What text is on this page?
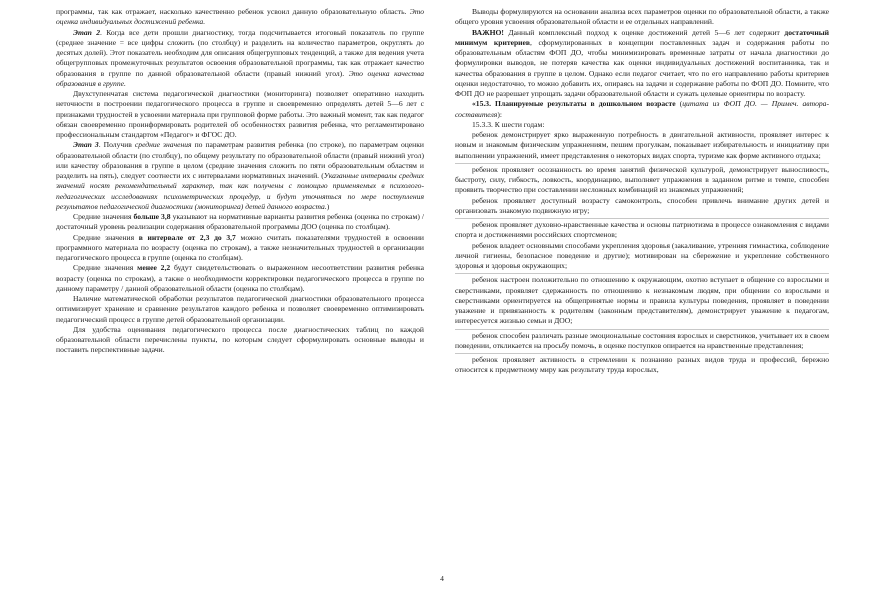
программы, так как отражает, насколько качественно ребенок усвоил данную образовательную область. Это оценка индивидуальных достижений ребенка.

Этап 2. Когда все дети прошли диагностику, тогда подсчитывается итоговый показатель по группе (среднее значение = все цифры сложить (по столбцу) и разделить на количество параметров, округлять до десятых долей). Этот показатель необходим для описания общегрупповых тенденций, а также для ведения учета общегрупповых промежуточных результатов освоения образовательной программы, так как отражает качество образования в группе по данной образовательной области (правый нижний угол). Это оценка качества образования в группе.

Двухступенчатая система педагогической диагностики (мониторинга) позволяет оперативно находить неточности в построении педагогического процесса в группе и своевременно определять детей 5—6 лет с признаками трудностей в усвоении материала при групповой форме работы. Это важный момент, так как педагог обязан своевременно проинформировать родителей об особенностях развития ребенка, что регламентировано профессиональным стандартом «Педагог» и ФГОС ДО.

Этап 3. Получив средние значения по параметрам развития ребенка (по строке), по параметрам оценки образовательной области (по столбцу), по общему результату по образовательной области (правый нижний угол) или качеству образования в группе в целом (средние значения сложить по пяти образовательным областям и разделить на пять), следует соотнести их с интервалами нормативных значений. (Указанные интервалы средних значений носят рекомендательный характер, так как получены с помощью применяемых в психолого-педагогических исследованиях психометрических процедур, и будут уточняться по мере поступления результатов педагогической диагностики (мониторинга) детей данного возраста.)

Средние значения больше 3,8 указывают на нормативные варианты развития ребенка (оценка по строкам) / достаточный уровень реализации содержания образовательной программы ДОО (оценка по столбцам).

Средние значения в интервале от 2,3 до 3,7 можно считать показателями трудностей в освоении программного материала по возрасту (оценка по строкам), а также незначительных трудностей в организации педагогического процесса в группе (оценка по столбцам).

Средние значения менее 2,2 будут свидетельствовать о выраженном несоответствии развития ребенка возрасту (оценка по строкам), а также о необходимости корректировки педагогического процесса в группе по данному параметру / данной образовательной области (оценка по столбцам).

Наличие математической обработки результатов педагогической диагностики образовательного процесса оптимизирует хранение и сравнение результатов каждого ребенка и позволяет своевременно оптимизировать педагогический процесс в группе детей образовательной организации.

Для удобства оценивания педагогического процесса после диагностических таблиц по каждой образовательной области перечислены пункты, по которым следует сформулировать основные выводы и поставить перспективные задачи.

Выводы формулируются на основании анализа всех параметров оценки по образовательной области, а также общего уровня усвоения образовательной области и ее отдельных направлений.

ВАЖНО! Данный комплексный подход к оценке достижений детей 5—6 лет содержит достаточный минимум критериев, сформулированных в концепции поставленных задач и содержания работы по образовательным областям ФОП ДО, чтобы минимизировать временные затраты от начала диагностики до формулировки выводов, не потеряв качества как оценки индивидуальных достижений воспитанника, так и качества образования в группе в целом. Однако если педагог считает, что по его направлению работы критериев оценки недостаточно, то можно добавить их, опираясь на задачи и содержание работы по ФОП ДО. Помните, что ФОП ДО не разрешает упрощать задачи образовательной области и сужать целевые ориентиры по возрасту.

«15.3. Планируемые результаты в дошкольном возрасте (цитата из ФОП ДО. — Примеч. автора-составителя):

15.3.3. К шести годам:

ребенок демонстрирует ярко выраженную потребность в двигательной активности, проявляет интерес к новым и знакомым физическим упражнениям, пешим прогулкам, показывает избирательность и инициативу при выполнении упражнений, имеет представления о некоторых видах спорта, туризме как форме активного отдыха;

ребенок проявляет осознанность во время занятий физической культурой, демонстрирует выносливость, быстроту, силу, гибкость, ловкость, координацию, выполняет упражнения в заданном ритме и темпе, способен проявить творчество при составлении несложных комбинаций из знакомых упражнений;

ребенок проявляет доступный возрасту самоконтроль, способен привлечь внимание других детей и организовать знакомую подвижную игру;

ребенок проявляет духовно-нравственные качества и основы патриотизма в процессе ознакомления с видами спорта и достижениями российских спортсменов;

ребенок владеет основными способами укрепления здоровья (закаливание, утренняя гимнастика, соблюдение личной гигиены, безопасное поведение и другие); мотивирован на сбережение и укрепление собственного здоровья и здоровья окружающих;

ребенок настроен положительно по отношению к окружающим, охотно вступает в общение со взрослыми и сверстниками, проявляет сдержанность по отношению к незнакомым людям, при общении со взрослыми и сверстниками ориентируется на общепринятые нормы и правила культуры поведения, проявляет в поведении уважение и привязанность к родителям (законным представителям), демонстрирует уважение к педагогам, интересуется жизнью семьи и ДОО;

ребенок способен различать разные эмоциональные состояния взрослых и сверстников, учитывает их в своем поведении, откликается на просьбу помочь, в оценке поступков опирается на нравственные представления;

ребенок проявляет активность в стремлении к познанию разных видов труда и профессий, бережно относится к предметному миру как результату труда взрослых,

4
